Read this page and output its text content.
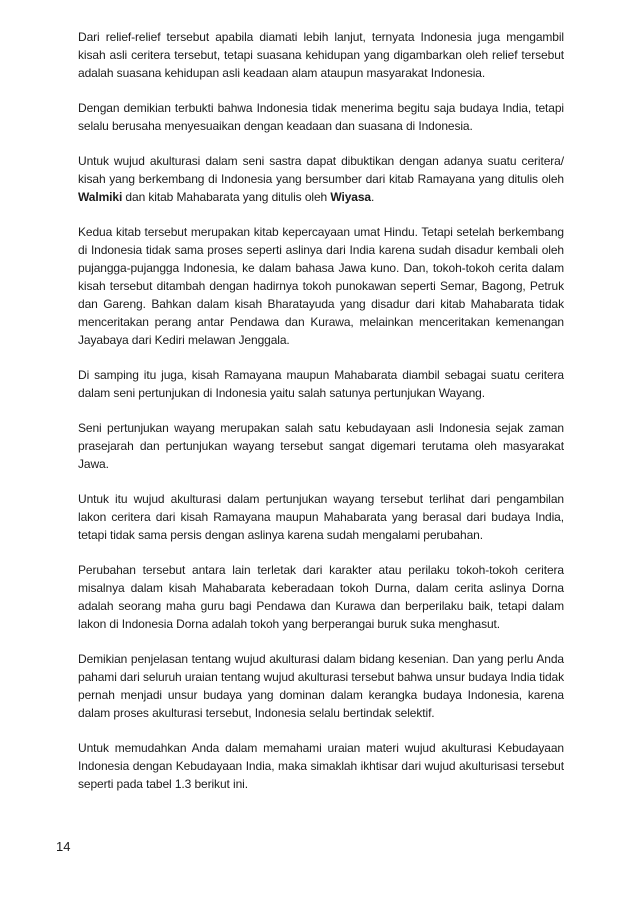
Dari relief-relief tersebut apabila diamati lebih lanjut, ternyata Indonesia juga mengambil kisah asli ceritera tersebut, tetapi suasana kehidupan yang digambarkan oleh relief tersebut adalah suasana kehidupan asli keadaan alam ataupun masyarakat Indonesia.

Dengan demikian terbukti bahwa Indonesia tidak menerima begitu saja budaya India, tetapi selalu berusaha menyesuaikan dengan keadaan dan suasana di Indonesia.

Untuk wujud akulturasi dalam seni sastra dapat dibuktikan dengan adanya suatu ceritera/ kisah yang berkembang di Indonesia yang bersumber dari kitab Ramayana yang ditulis oleh Walmiki dan kitab Mahabarata yang ditulis oleh Wiyasa.

Kedua kitab tersebut merupakan kitab kepercayaan umat Hindu. Tetapi setelah berkembang di Indonesia tidak sama proses seperti aslinya dari India karena sudah disadur kembali oleh pujangga-pujangga Indonesia, ke dalam bahasa Jawa kuno. Dan, tokoh-tokoh cerita dalam kisah tersebut ditambah dengan hadirnya tokoh punokawan seperti Semar, Bagong, Petruk dan Gareng. Bahkan dalam kisah Bharatayuda yang disadur dari kitab Mahabarata tidak menceritakan perang antar Pendawa dan Kurawa, melainkan menceritakan kemenangan Jayabaya dari Kediri melawan Jenggala.

Di samping itu juga, kisah Ramayana maupun Mahabarata diambil sebagai suatu ceritera dalam seni pertunjukan di Indonesia yaitu salah satunya pertunjukan Wayang.

Seni pertunjukan wayang merupakan salah satu kebudayaan asli Indonesia sejak zaman prasejarah dan pertunjukan wayang tersebut sangat digemari terutama oleh masyarakat Jawa.

Untuk itu wujud akulturasi dalam pertunjukan wayang tersebut terlihat dari pengambilan lakon ceritera dari kisah Ramayana maupun Mahabarata yang berasal dari budaya India, tetapi tidak sama persis dengan aslinya karena sudah mengalami perubahan.

Perubahan tersebut antara lain terletak dari karakter atau perilaku tokoh-tokoh ceritera misalnya dalam kisah Mahabarata keberadaan tokoh Durna, dalam cerita aslinya Dorna adalah seorang maha guru bagi Pendawa dan Kurawa dan berperilaku baik, tetapi dalam lakon di Indonesia Dorna adalah tokoh yang berperangai buruk suka menghasut.

Demikian penjelasan tentang wujud akulturasi dalam bidang kesenian. Dan yang perlu Anda pahami dari seluruh uraian tentang wujud akulturasi tersebut bahwa unsur budaya India tidak pernah menjadi unsur budaya yang dominan dalam kerangka budaya Indonesia, karena dalam proses akulturasi tersebut, Indonesia selalu bertindak selektif.

Untuk memudahkan Anda dalam memahami uraian materi wujud akulturasi Kebudayaan Indonesia dengan Kebudayaan India, maka simaklah ikhtisar dari wujud akulturisasi tersebut seperti pada tabel 1.3 berikut ini.

14
